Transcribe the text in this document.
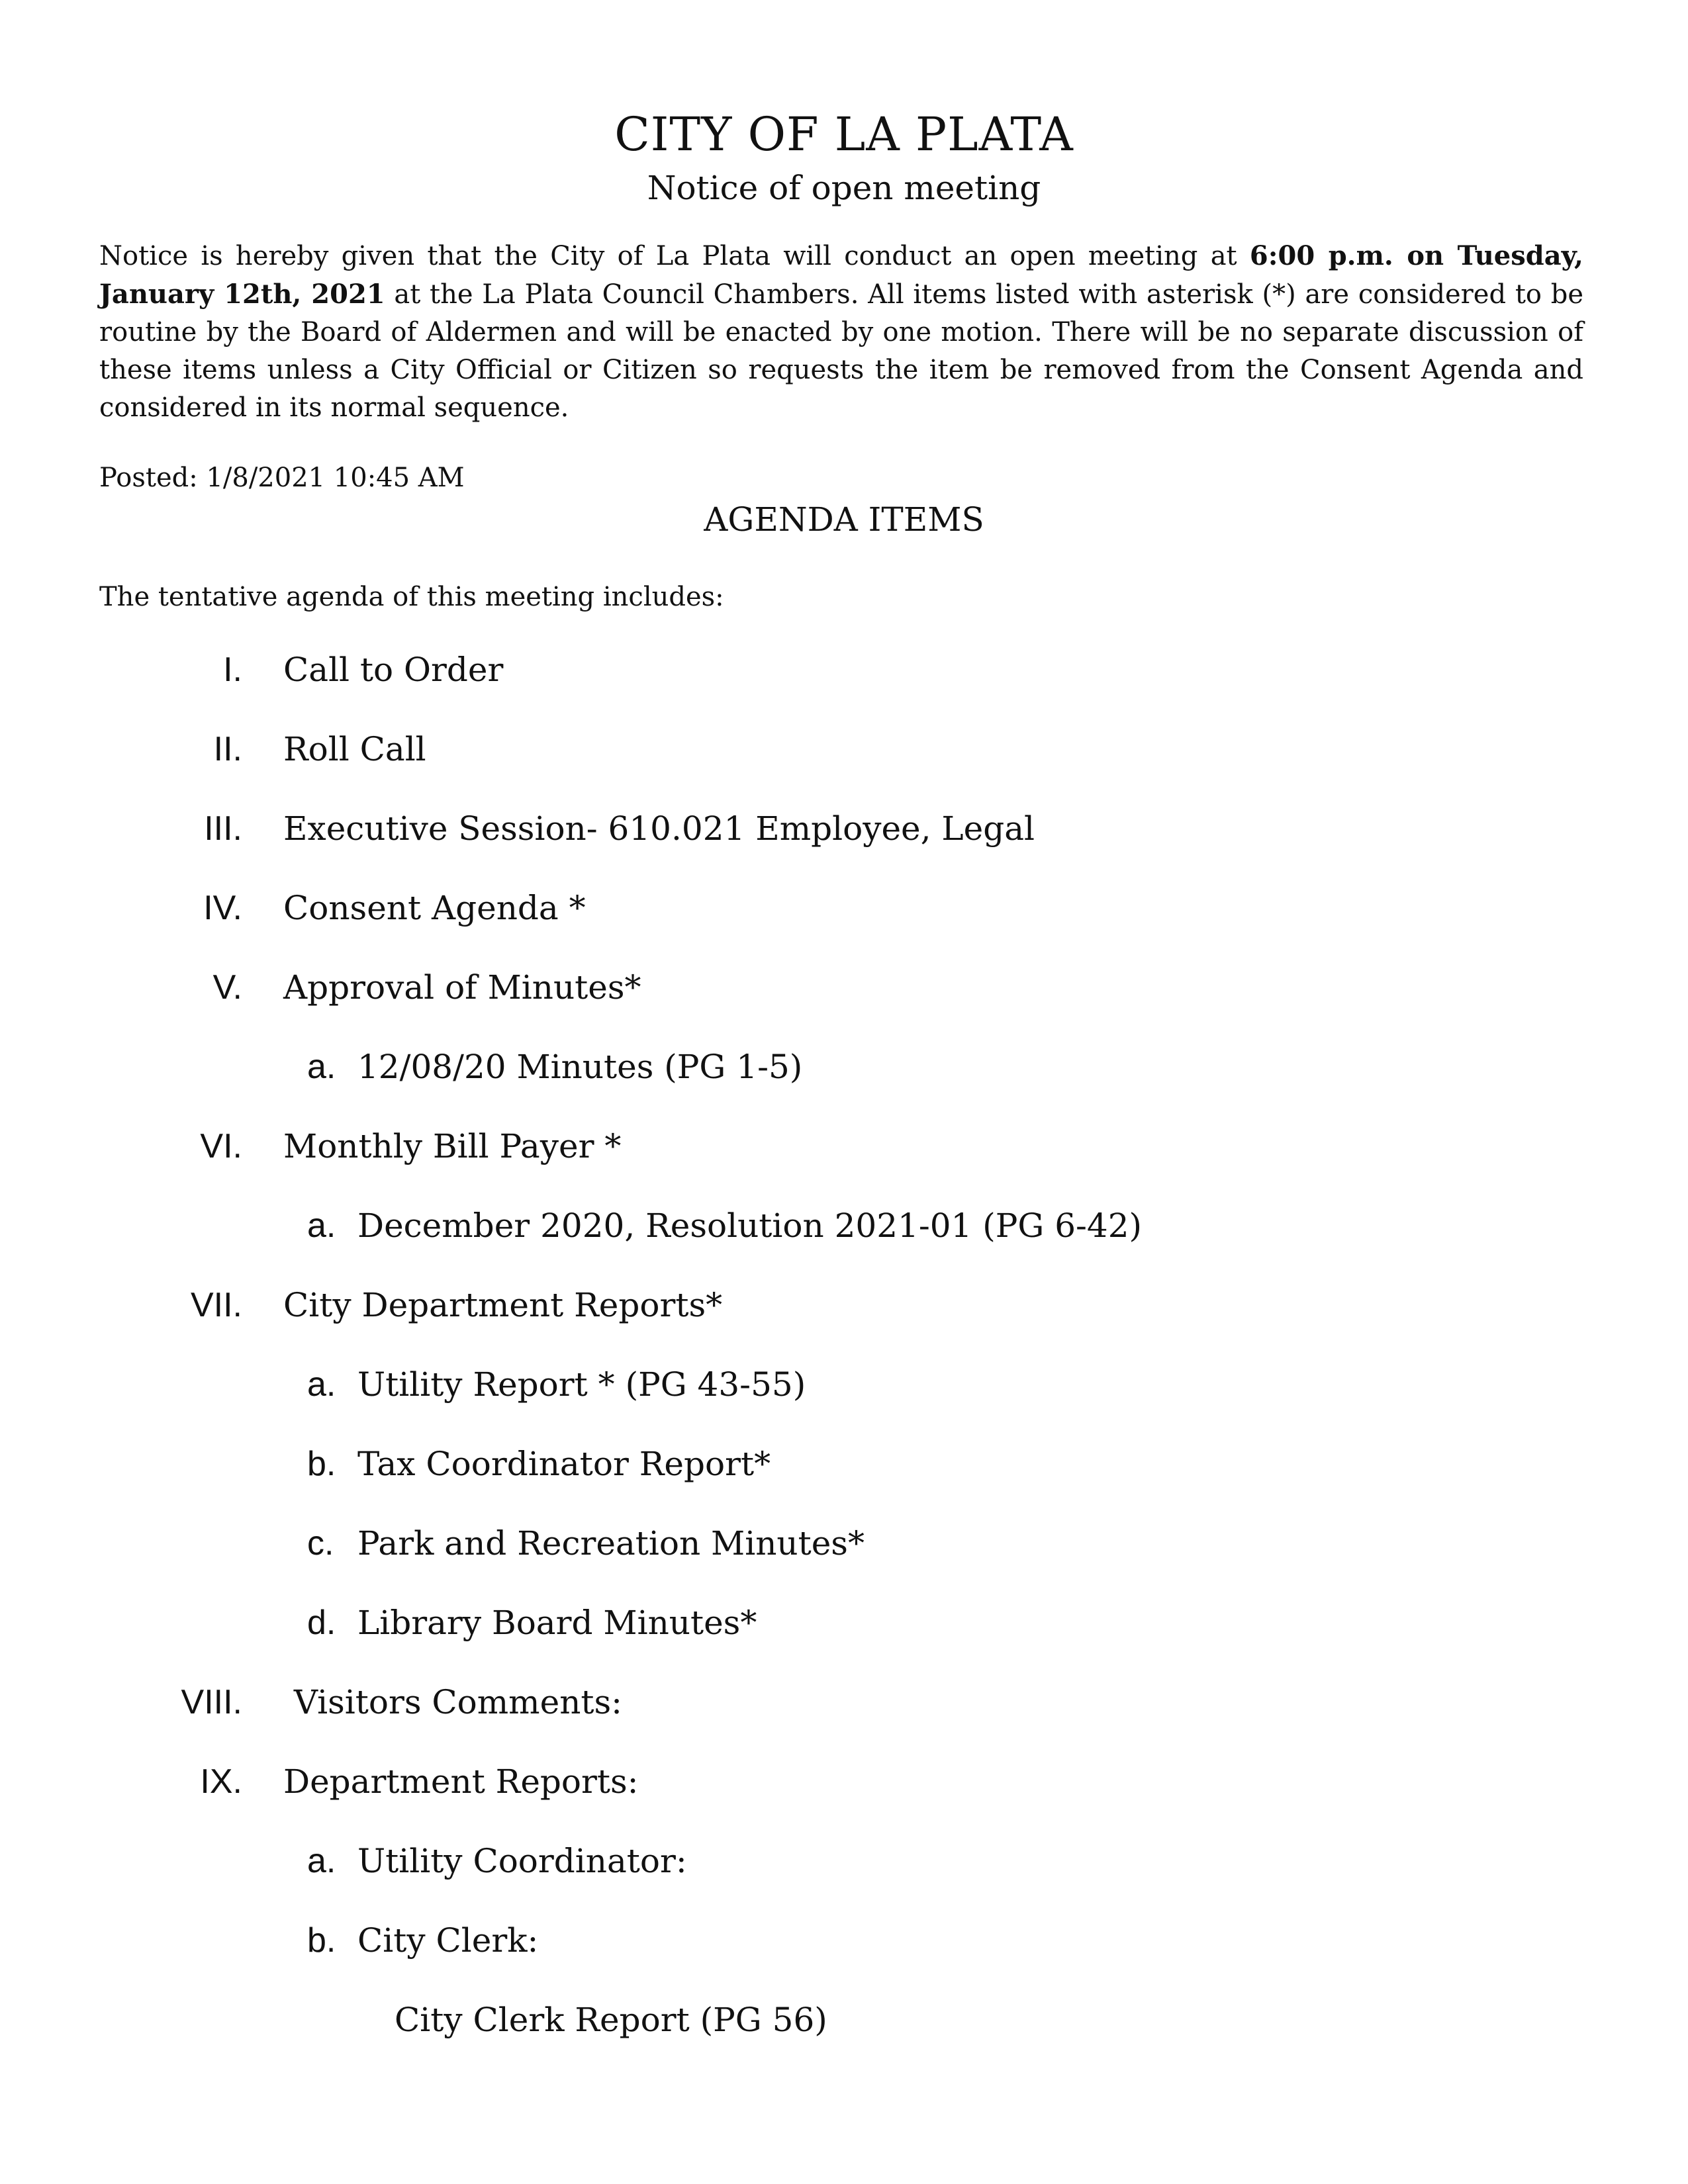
CITY OF LA PLATA
Notice of open meeting

Notice is hereby given that the City of La Plata will conduct an open meeting at 6:00 p.m. on Tuesday, January 12th, 2021 at the La Plata Council Chambers. All items listed with asterisk (*) are considered to be routine by the Board of Aldermen and will be enacted by one motion. There will be no separate discussion of these items unless a City Official or Citizen so requests the item be removed from the Consent Agenda and considered in its normal sequence.

Posted: 1/8/2021 10:45 AM
AGENDA ITEMS
The tentative agenda of this meeting includes:
I. Call to Order
II. Roll Call
III. Executive Session- 610.021 Employee, Legal
IV. Consent Agenda *
V. Approval of Minutes*
a. 12/08/20 Minutes (PG 1-5)
VI. Monthly Bill Payer *
a. December 2020, Resolution 2021-01 (PG 6-42)
VII. City Department Reports*
a. Utility Report * (PG 43-55)
b. Tax Coordinator Report*
c. Park and Recreation Minutes*
d. Library Board Minutes*
VIII. Visitors Comments:
IX. Department Reports:
a. Utility Coordinator:
b. City Clerk:
City Clerk Report (PG 56)
